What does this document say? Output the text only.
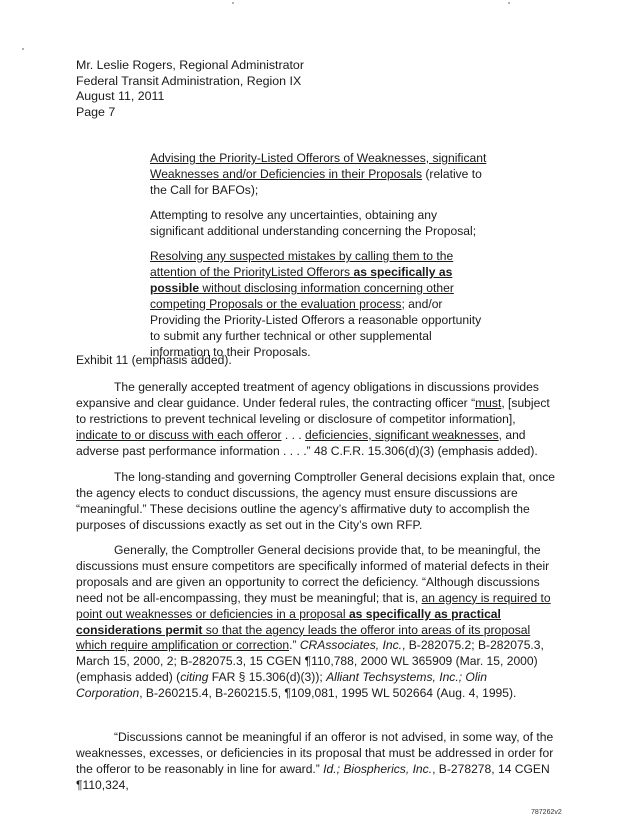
Mr. Leslie Rogers, Regional Administrator
Federal Transit Administration, Region IX
August 11, 2011
Page 7
Advising the Priority-Listed Offerors of Weaknesses, significant Weaknesses and/or Deficiencies in their Proposals (relative to the Call for BAFOs);
Attempting to resolve any uncertainties, obtaining any significant additional understanding concerning the Proposal;
Resolving any suspected mistakes by calling them to the attention of the PriorityListed Offerors as specifically as possible without disclosing information concerning other competing Proposals or the evaluation process; and/or Providing the Priority-Listed Offerors a reasonable opportunity to submit any further technical or other supplemental information to their Proposals.
Exhibit 11 (emphasis added).
The generally accepted treatment of agency obligations in discussions provides expansive and clear guidance. Under federal rules, the contracting officer “must, [subject to restrictions to prevent technical leveling or disclosure of competitor information], indicate to or discuss with each offeror . . . deficiencies, significant weaknesses, and adverse past performance information . . . .” 48 C.F.R. 15.306(d)(3) (emphasis added).
The long-standing and governing Comptroller General decisions explain that, once the agency elects to conduct discussions, the agency must ensure discussions are “meaningful.” These decisions outline the agency’s affirmative duty to accomplish the purposes of discussions exactly as set out in the City’s own RFP.
Generally, the Comptroller General decisions provide that, to be meaningful, the discussions must ensure competitors are specifically informed of material defects in their proposals and are given an opportunity to correct the deficiency. “Although discussions need not be all-encompassing, they must be meaningful; that is, an agency is required to point out weaknesses or deficiencies in a proposal as specifically as practical considerations permit so that the agency leads the offeror into areas of its proposal which require amplification or correction.” CRAssociates, Inc., B-282075.2; B-282075.3, March 15, 2000, 2; B-282075.3, 15 CGEN ¶110,788, 2000 WL 365909 (Mar. 15, 2000) (emphasis added) (citing FAR § 15.306(d)(3)); Alliant Techsystems, Inc.; Olin Corporation, B-260215.4, B-260215.5, ¶109,081, 1995 WL 502664 (Aug. 4, 1995).
“Discussions cannot be meaningful if an offeror is not advised, in some way, of the weaknesses, excesses, or deficiencies in its proposal that must be addressed in order for the offeror to be reasonably in line for award.” Id.; Biospherics, Inc., B-278278, 14 CGEN ¶110,324,
787262v2
